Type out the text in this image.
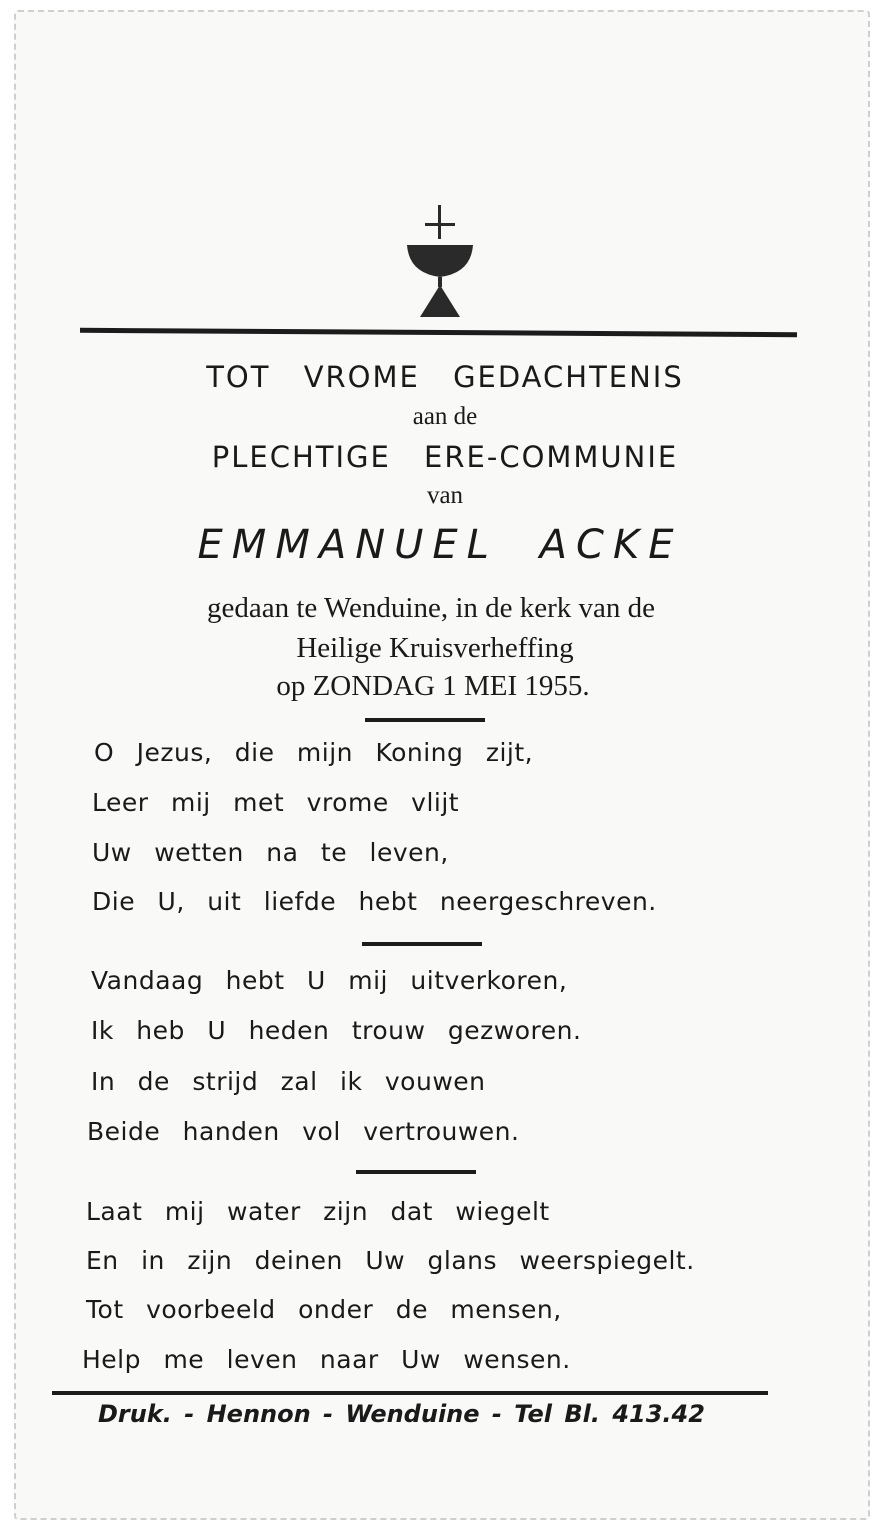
TOT VROME GEDACHTENIS
aan de
PLECHTIGE ERE-COMMUNIE
van
EMMANUEL ACKE
gedaan te Wenduine, in de kerk van de
Heilige Kruisverheffing
op ZONDAG 1 MEI 1955.
O Jezus, die mijn Koning zijt,
Leer mij met vrome vlijt
Uw wetten na te leven,
Die U, uit liefde hebt neergeschreven.
Vandaag hebt U mij uitverkoren,
Ik heb U heden trouw gezworen.
In de strijd zal ik vouwen
Beide handen vol vertrouwen.
Laat mij water zijn dat wiegelt
En in zijn deinen Uw glans weerspiegelt.
Tot voorbeeld onder de mensen,
Help me leven naar Uw wensen.
Druk. - Hennon - Wenduine - Tel Bl. 413.42
